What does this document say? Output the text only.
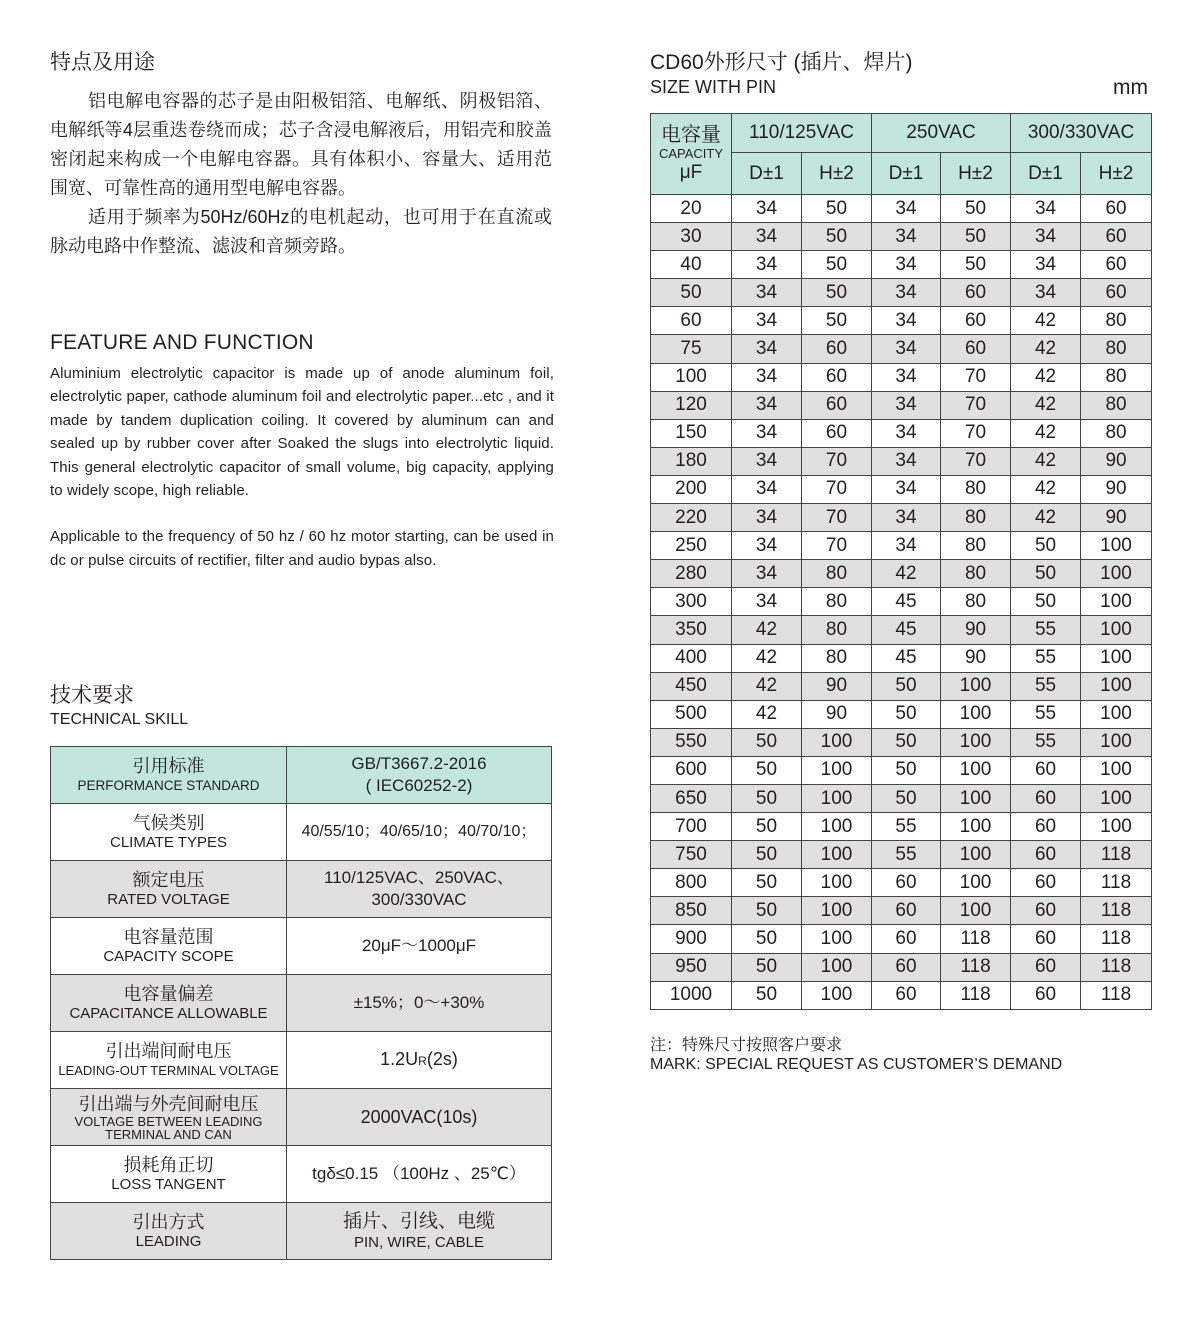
特点及用途

铝电解电容器的芯子是由阳极铝箔、电解纸、阴极铝箔、电解纸等4层重迭卷绕而成；芯子含浸电解液后，用铝壳和胶盖密闭起来构成一个电解电容器。具有体积小、容量大、适用范围宽、可靠性高的通用型电解电容器。

适用于频率为50Hz/60Hz的电机起动，也可用于在直流或脉动电路中作整流、滤波和音频旁路。

FEATURE AND FUNCTION

Aluminium electrolytic capacitor is made up of anode aluminum foil, electrolytic paper, cathode aluminum foil and electrolytic paper...etc , and it made by tandem duplication coiling. It covered by aluminum can and sealed up by rubber cover after Soaked the slugs into electrolytic liquid. This general electrolytic capacitor of small volume, big capacity, applying to widely scope, high reliable.

Applicable to the frequency of 50 hz / 60 hz motor starting, can be used in dc or pulse circuits of rectifier, filter and audio bypas also.

技术要求
TECHNICAL SKILL
引用标准
PERFORMANCE STANDARD	GB/T3667.2-2016
( IEC60252-2)

气候类别
CLIMATE TYPES	40/55/10；40/65/10；40/70/10；

额定电压
RATED VOLTAGE	110/125VAC、250VAC、
300/330VAC

电容量范围
CAPACITY SCOPE	20μF～1000μF

电容量偏差
CAPACITANCE ALLOWABLE	±15%；0～+30%

引出端间耐电压
LEADING-OUT TERMINAL VOLTAGE	1.2UR(2s)

引出端与外壳间耐电压
VOLTAGE BETWEEN LEADING
TERMINAL AND CAN	2000VAC(10s)

损耗角正切
LOSS TANGENT	tgδ≤0.15 （100Hz 、25℃）

引出方式
LEADING	插片、引线、电缆
PIN, WIRE, CABLE
CD60外形尺寸 (插片、焊片)
SIZE WITH PIN	mm
电容量
CAPACITY
μF	110/125VAC		250VAC		300/330VAC	
	D±1	H±2	D±1	H±2	D±1	H±2
20	34	50	34	50	34	60
30	34	50	34	50	34	60
40	34	50	34	50	34	60
50	34	50	34	60	34	60
60	34	50	34	60	42	80
75	34	60	34	60	42	80
100	34	60	34	70	42	80
120	34	60	34	70	42	80
150	34	60	34	70	42	80
180	34	70	34	70	42	90
200	34	70	34	80	42	90
220	34	70	34	80	42	90
250	34	70	34	80	50	100
280	34	80	42	80	50	100
300	34	80	45	80	50	100
350	42	80	45	90	55	100
400	42	80	45	90	55	100
450	42	90	50	100	55	100
500	42	90	50	100	55	100
550	50	100	50	100	55	100
600	50	100	50	100	60	100
650	50	100	50	100	60	100
700	50	100	55	100	60	100
750	50	100	55	100	60	118
800	50	100	60	100	60	118
850	50	100	60	100	60	118
900	50	100	60	118	60	118
950	50	100	60	118	60	118
1000	50	100	60	118	60	118
注：特殊尺寸按照客户要求
MARK: SPECIAL REQUEST AS CUSTOMER’S DEMAND
